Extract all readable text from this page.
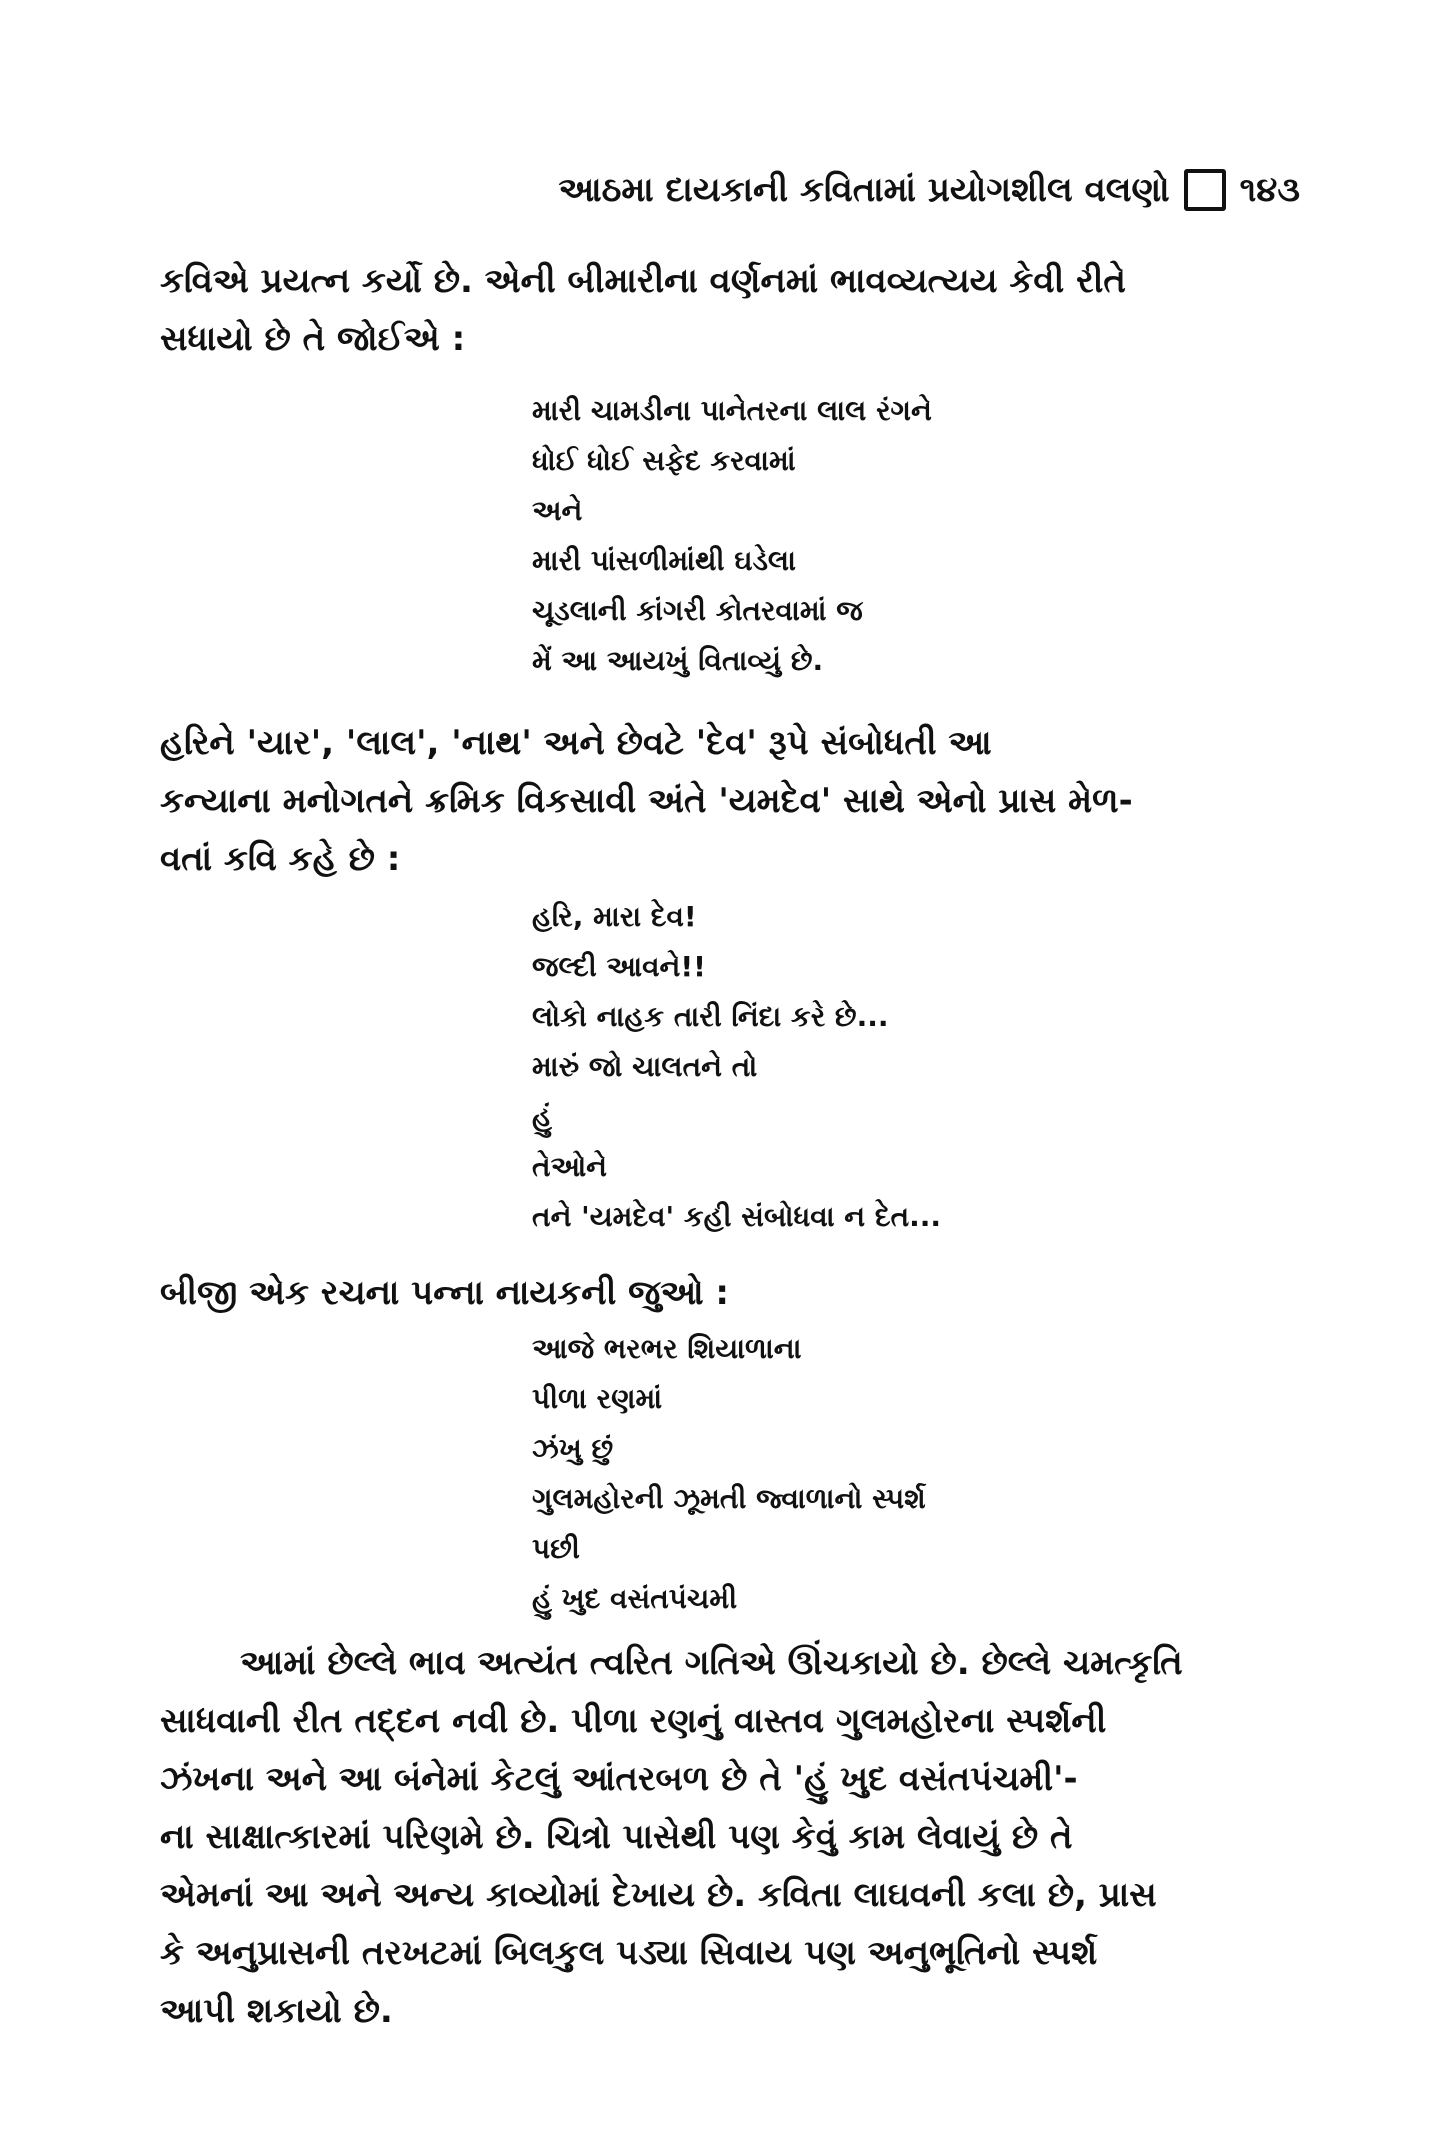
આઠમા દાયકાની કવિતામાં પ્રયોગશીલ વલણો ૧૪૩
કવિએ પ્રયત્ન કર્યો છે. એની બીમારીના વર્ણનમાં ભાવવ્યત્યય કેવી રીતે
સધાયો છે તે જોઈએ :
મારી ચામડીના પાનેતરના લાલ રંગને
ધોઈ ધોઈ સફેદ કરવામાં
અને
મારી પાંસળીમાંથી ઘડેલા
ચૂડલાની કાંગરી કોતરવામાં જ
મેં આ આયખું વિતાવ્યું છે.
હરિને 'યાર', 'લાલ', 'નાથ' અને છેવટે 'દેવ' રૂપે સંબોધતી આ
કન્યાના મનોગતને ક્રમિક વિકસાવી અંતે 'યમદેવ' સાથે એનો પ્રાસ મેળ-
વતાં કવિ કહે છે :
હરિ, મારા દેવ!
જલ્દી આવને!!
લોકો નાહક તારી નિંદા કરે છે...
મારું જો ચાલતને તો
હું
તેઓને
તને 'યમદેવ' કહી સંબોધવા ન દેત...
બીજી એક રચના પન્ના નાયકની જુઓ :
આજે ભરભર શિયાળાના
પીળા રણમાં
ઝંખુ છું
ગુલમહોરની ઝૂમતી જ્વાળાનો સ્પર્શ
પછી
હું ખુદ વસંતપંચમી
આમાં છેલ્લે ભાવ અત્યંત ત્વરિત ગતિએ ઊંચકાયો છે. છેલ્લે ચમત્કૃતિ
સાધવાની રીત તદ્દન નવી છે. પીળા રણનું વાસ્તવ ગુલમહોરના સ્પર્શની
ઝંખના અને આ બંનેમાં કેટલું આંતરબળ છે તે 'હું ખુદ વસંતપંચમી'-
ના સાક્ષાત્કારમાં પરિણમે છે. ચિત્રો પાસેથી પણ કેવું કામ લેવાયું છે તે
એમનાં આ અને અન્ય કાવ્યોમાં દેખાય છે. કવિતા લાઘવની કલા છે, પ્રાસ
કે અનુપ્રાસની તરખટમાં બિલકુલ પડ્યા સિવાય પણ અનુભૂતિનો સ્પર્શ
આપી શકાયો છે.
